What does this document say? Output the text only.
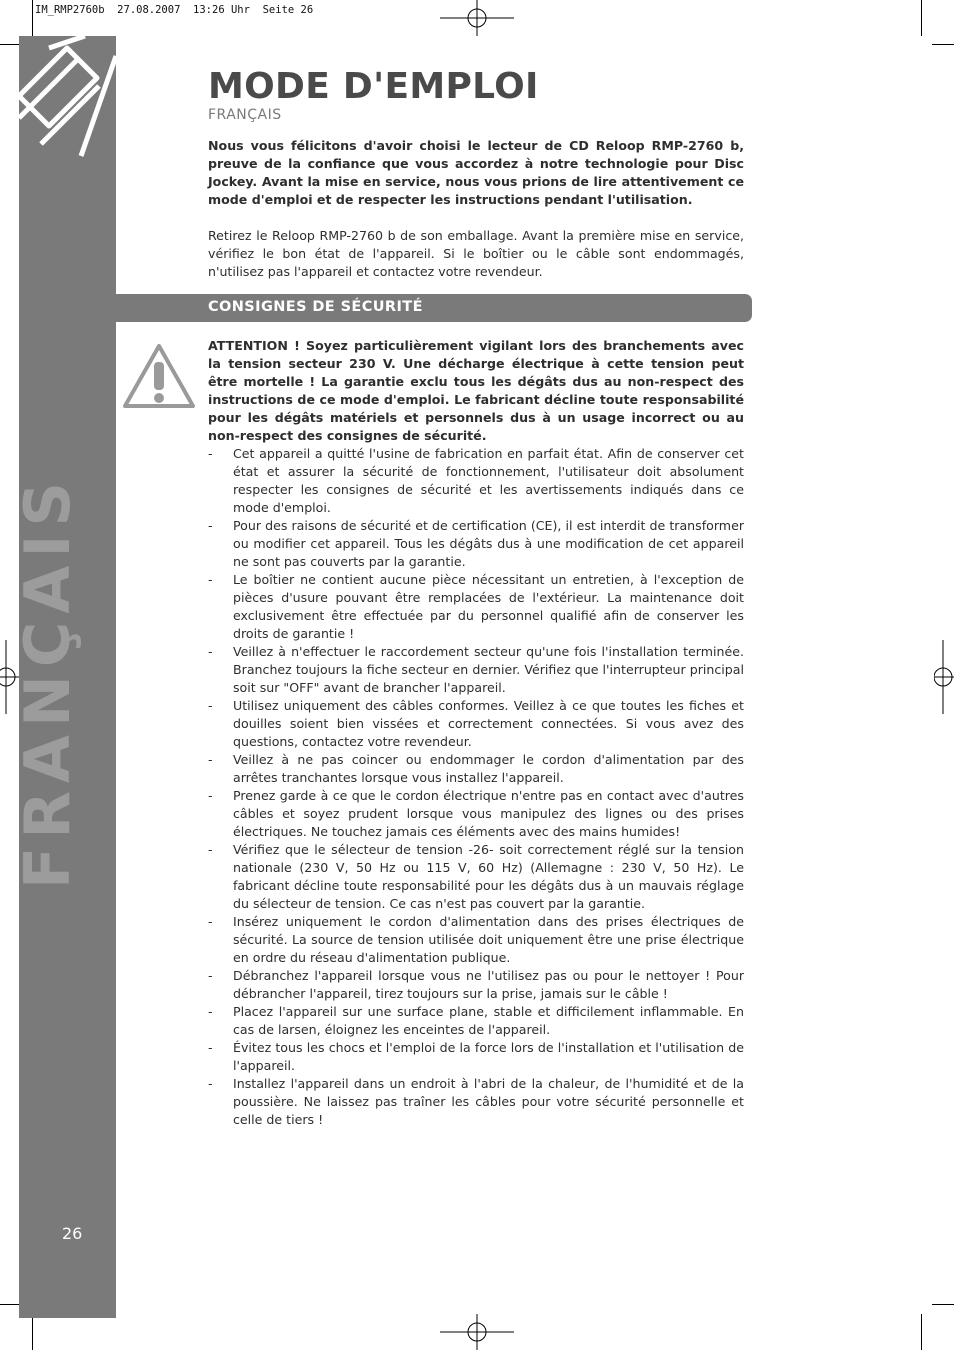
IM_RMP2760b  27.08.2007  13:26 Uhr  Seite 26
FRANÇAIS
26
MODE D'EMPLOI
FRANÇAIS
Nous vous félicitons d'avoir choisi le lecteur de CD Reloop RMP-2760 b, preuve de la confiance que vous accordez à notre technologie pour Disc Jockey. Avant la mise en service, nous vous prions de lire attentivement ce mode d'emploi et de respecter les instructions pendant l'utilisation.
Retirez le Reloop RMP-2760 b de son emballage. Avant la première mise en service, vérifiez le bon état de l'appareil. Si le boîtier ou le câble sont endommagés, n'utilisez pas l'appareil et contactez votre revendeur.
CONSIGNES DE SÉCURITÉ
ATTENTION ! Soyez particulièrement vigilant lors des branchements avec la tension secteur 230 V. Une décharge électrique à cette tension peut être mortelle ! La garantie exclu tous les dégâts dus au non-respect des instructions de ce mode d'emploi. Le fabricant décline toute responsabilité pour les dégâts matériels et personnels dus à un usage incorrect ou au non-respect des consignes de sécurité.
- Cet appareil a quitté l'usine de fabrication en parfait état. Afin de conserver cet état et assurer la sécurité de fonctionnement, l'utilisateur doit absolument respecter les consignes de sécurité et les avertissements indiqués dans ce mode d'emploi.
- Pour des raisons de sécurité et de certification (CE), il est interdit de transformer ou modifier cet appareil. Tous les dégâts dus à une modification de cet appareil ne sont pas couverts par la garantie.
- Le boîtier ne contient aucune pièce nécessitant un entretien, à l'exception de pièces d'usure pouvant être remplacées de l'extérieur. La maintenance doit exclusivement être effectuée par du personnel qualifié afin de conserver les droits de garantie !
- Veillez à n'effectuer le raccordement secteur qu'une fois l'installation terminée. Branchez toujours la fiche secteur en dernier. Vérifiez que l'interrupteur principal soit sur "OFF" avant de brancher l'appareil.
- Utilisez uniquement des câbles conformes. Veillez à ce que toutes les fiches et douilles soient bien vissées et correctement connectées. Si vous avez des questions, contactez votre revendeur.
- Veillez à ne pas coincer ou endommager le cordon d'alimentation par des arrêtes tranchantes lorsque vous installez l'appareil.
- Prenez garde à ce que le cordon électrique n'entre pas en contact avec d'autres câbles et soyez prudent lorsque vous manipulez des lignes ou des prises électriques. Ne touchez jamais ces éléments avec des mains humides!
- Vérifiez que le sélecteur de tension -26- soit correctement réglé sur la tension nationale (230 V, 50 Hz ou 115 V, 60 Hz) (Allemagne : 230 V, 50 Hz). Le fabricant décline toute responsabilité pour les dégâts dus à un mauvais réglage du sélecteur de tension. Ce cas n'est pas couvert par la garantie.
- Insérez uniquement le cordon d'alimentation dans des prises électriques de sécurité. La source de tension utilisée doit uniquement être une prise électrique en ordre du réseau d'alimentation publique.
- Débranchez l'appareil lorsque vous ne l'utilisez pas ou pour le nettoyer ! Pour débrancher l'appareil, tirez toujours sur la prise, jamais sur le câble !
- Placez l'appareil sur une surface plane, stable et difficilement inflammable. En cas de larsen, éloignez les enceintes de l'appareil.
- Évitez tous les chocs et l'emploi de la force lors de l'installation et l'utilisation de l'appareil.
- Installez l'appareil dans un endroit à l'abri de la chaleur, de l'humidité et de la poussière. Ne laissez pas traîner les câbles pour votre sécurité personnelle et celle de tiers !
